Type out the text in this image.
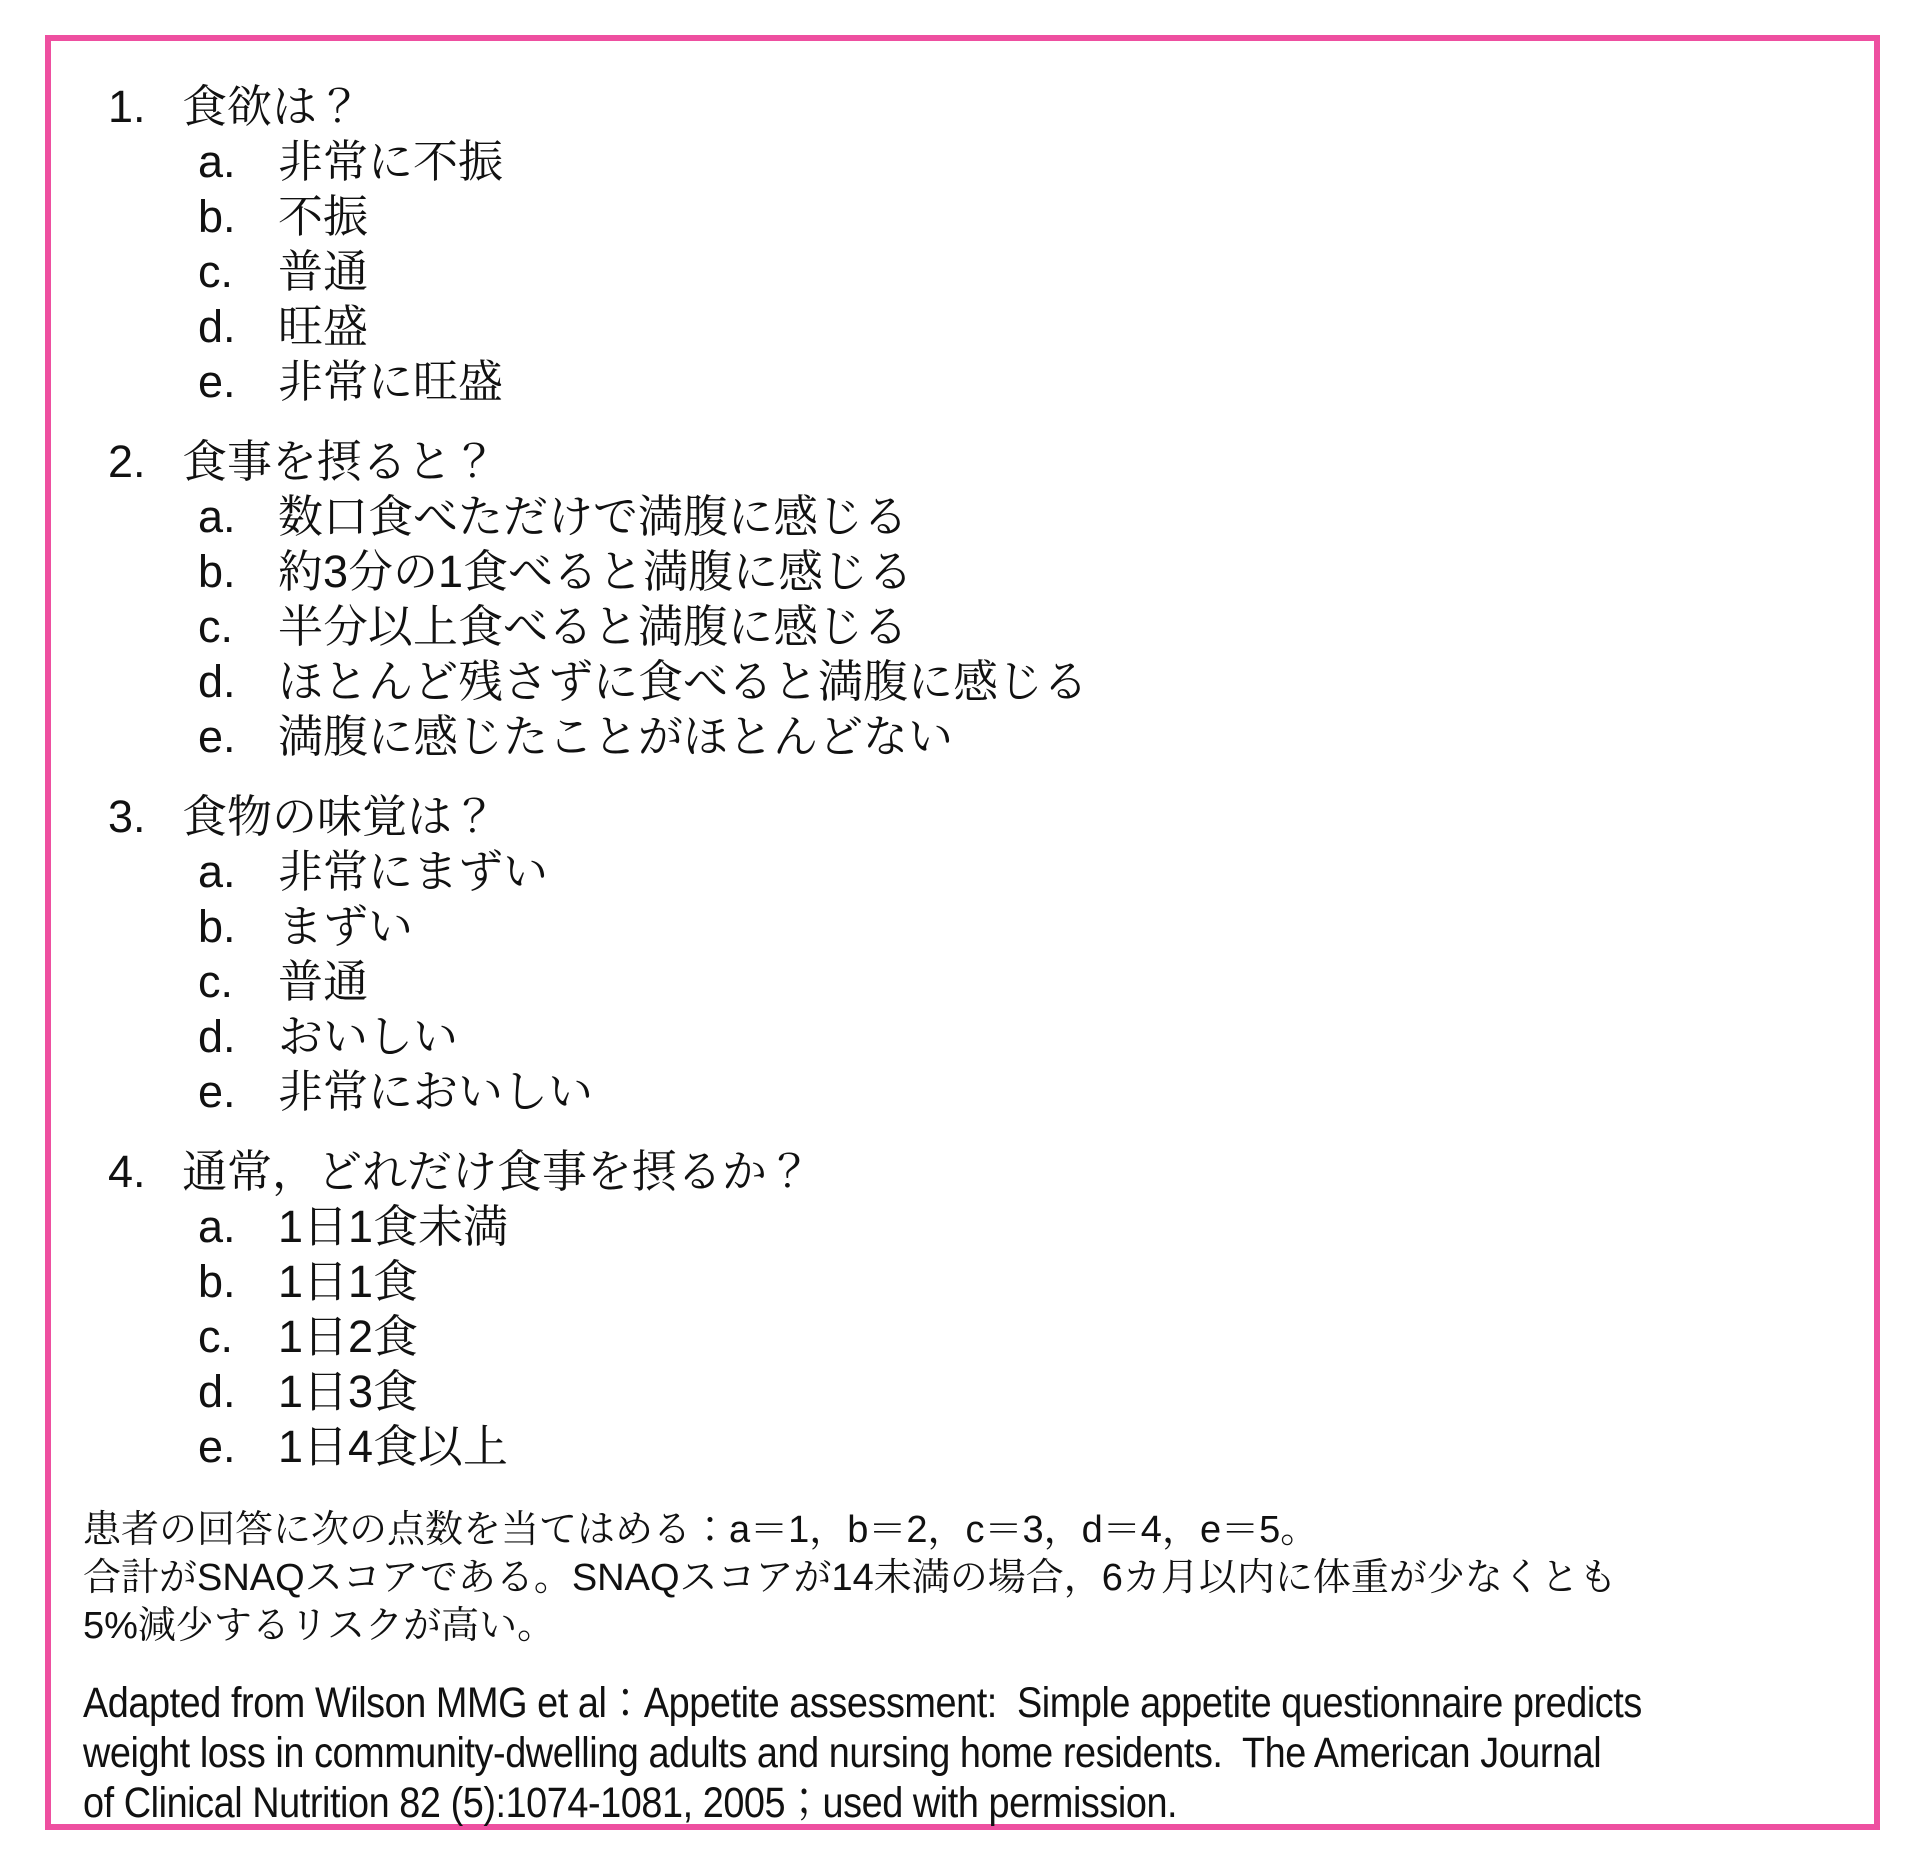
1. 食欲は？
a. 非常に不振
b. 不振
c. 普通
d. 旺盛
e. 非常に旺盛
2. 食事を摂ると？
a. 数口食べただけで満腹に感じる
b. 約3分の1食べると満腹に感じる
c. 半分以上食べると満腹に感じる
d. ほとんど残さずに食べると満腹に感じる
e. 満腹に感じたことがほとんどない
3. 食物の味覚は？
a. 非常にまずい
b. まずい
c. 普通
d. おいしい
e. 非常においしい
4. 通常，どれだけ食事を摂るか？
a. 1日1食未満
b. 1日1食
c. 1日2食
d. 1日3食
e. 1日4食以上
患者の回答に次の点数を当てはめる：a＝1，b＝2，c＝3，d＝4，e＝5。
合計がSNAQスコアである。SNAQスコアが14未満の場合，6カ月以内に体重が少なくとも
5%減少するリスクが高い。
Adapted from Wilson MMG et al：Appetite assessment:  Simple appetite questionnaire predicts
weight loss in community-dwelling adults and nursing home residents.  The American Journal
of Clinical Nutrition 82 (5):1074-1081, 2005；used with permission.
